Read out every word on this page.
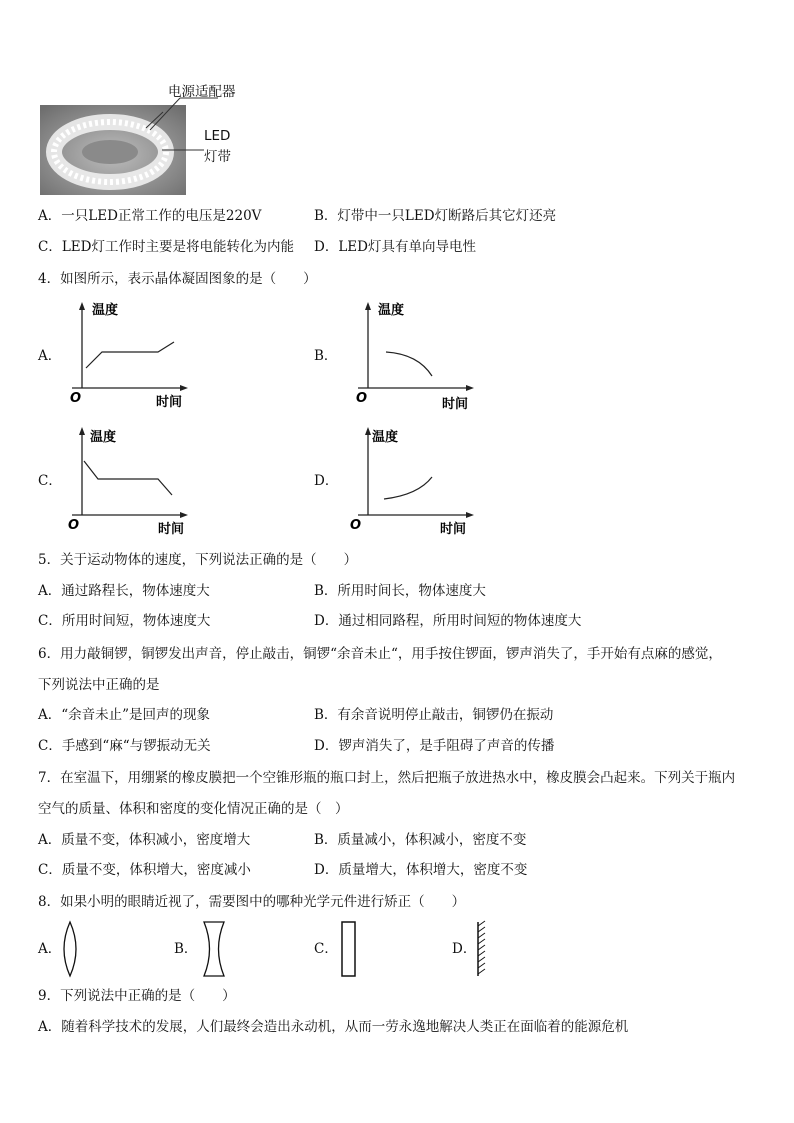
电源适配器
LED
灯带
A．一只LED正常工作的电压是220V	B．灯带中一只LED灯断路后其它灯还亮
C．LED灯工作时主要是将电能转化为内能 D．LED灯具有单向导电性
4．如图所示，表示晶体凝固图象的是（　　）
A．
温度
时间
O
B．
温度
时间
O
C．
温度
时间
O
D．
温度
时间
O
5．关于运动物体的速度，下列说法正确的是（　　）
A．通过路程长，物体速度大	B．所用时间长，物体速度大
C．所用时间短，物体速度大	D．通过相同路程，所用时间短的物体速度大
6．用力敲铜锣，铜锣发出声音，停止敲击，铜锣“余音未止“，用手按住锣面，锣声消失了，手开始有点麻的感觉，
下列说法中正确的是
A．“余音未止”是回声的现象	B．有余音说明停止敲击，铜锣仍在振动
C．手感到“麻“与锣振动无关	D．锣声消失了，是手阻碍了声音的传播
7．在室温下，用绷紧的橡皮膜把一个空锥形瓶的瓶口封上，然后把瓶子放进热水中，橡皮膜会凸起来。下列关于瓶内
空气的质量、体积和密度的变化情况正确的是（　）
A．质量不变，体积减小，密度增大	B．质量减小，体积减小，密度不变
C．质量不变，体积增大，密度减小	D．质量增大，体积增大，密度不变
8．如果小明的眼睛近视了，需要图中的哪种光学元件进行矫正（　　）
A．	B．	C．	D．
9．下列说法中正确的是（　　）
A．随着科学技术的发展，人们最终会造出永动机，从而一劳永逸地解决人类正在面临着的能源危机
